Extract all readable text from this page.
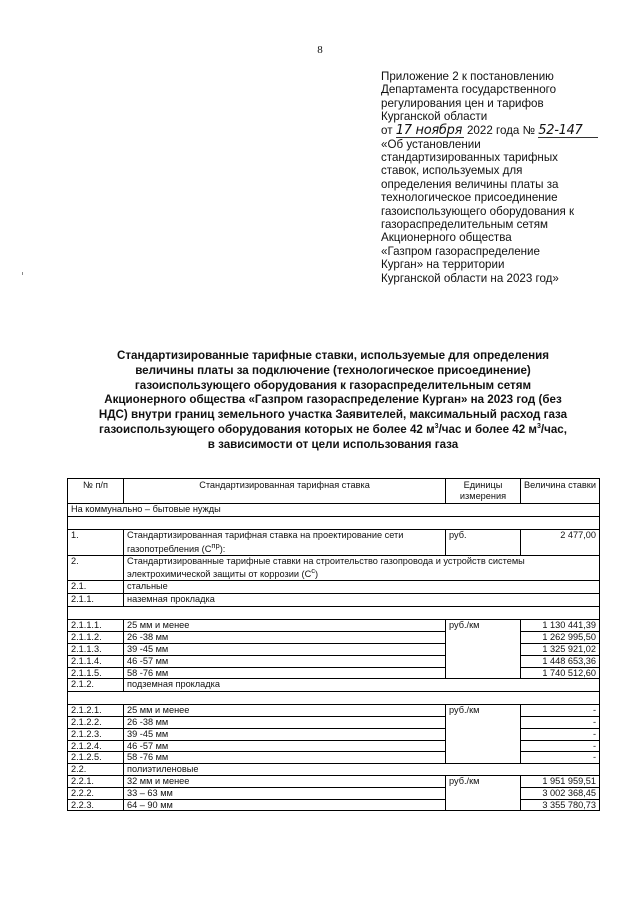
8
Приложение 2 к постановлению
Департамента государственного
регулирования цен и тарифов
Курганской области
от 17 ноября 2022 года № 52-147
«Об установлении
стандартизированных тарифных
ставок, используемых для
определения величины платы за
технологическое присоединение
газоиспользующего оборудования к
газораспределительным сетям
Акционерного общества
«Газпром газораспределение
Курган» на территории
Курганской области на 2023 год»
Стандартизированные тарифные ставки, используемые для определения
величины платы за подключение (технологическое присоединение)
газоиспользующего оборудования к газораспределительным сетям
Акционерного общества «Газпром газораспределение Курган» на 2023 год (без
НДС) внутри границ земельного участка Заявителей, максимальный расход газа
газоиспользующего оборудования которых не более 42 $м^3$/час и более 42 $м^3$/час,
в зависимости от цели использования газа
№ п/п	Стандартизированная тарифная ставка	Единицы измерения	Величина ставки
На коммунально – бытовые нужды			

1.	Стандартизированная тарифная ставка на проектирование сети газопотребления $(С^{пр})$:	руб.	2 477,00
2.	Стандартизированные тарифные ставки на строительство газопровода и устройств системы электрохимической защиты от коррозии $(С^с)$		
2.1.	стальные		
2.1.1.	наземная прокладка		

2.1.1.1.	25 мм и менее	руб./км	1 130 441,39
2.1.1.2.	26 -38 мм		1 262 995,50
2.1.1.3.	39 -45 мм		1 325 921,02
2.1.1.4.	46 -57 мм		1 448 653,36
2.1.1.5.	58 -76 мм		1 740 512,60
2.1.2.	подземная прокладка		

2.1.2.1.	25 мм и менее	руб./км	-
2.1.2.2.	26 -38 мм		-
2.1.2.3.	39 -45 мм		-
2.1.2.4.	46 -57 мм		-
2.1.2.5.	58 -76 мм		-
2.2.	полиэтиленовые		
2.2.1.	32 мм и менее	руб./км	1 951 959,51
2.2.2.	33 – 63 мм		3 002 368,45
2.2.3.	64 – 90 мм		3 355 780,73
